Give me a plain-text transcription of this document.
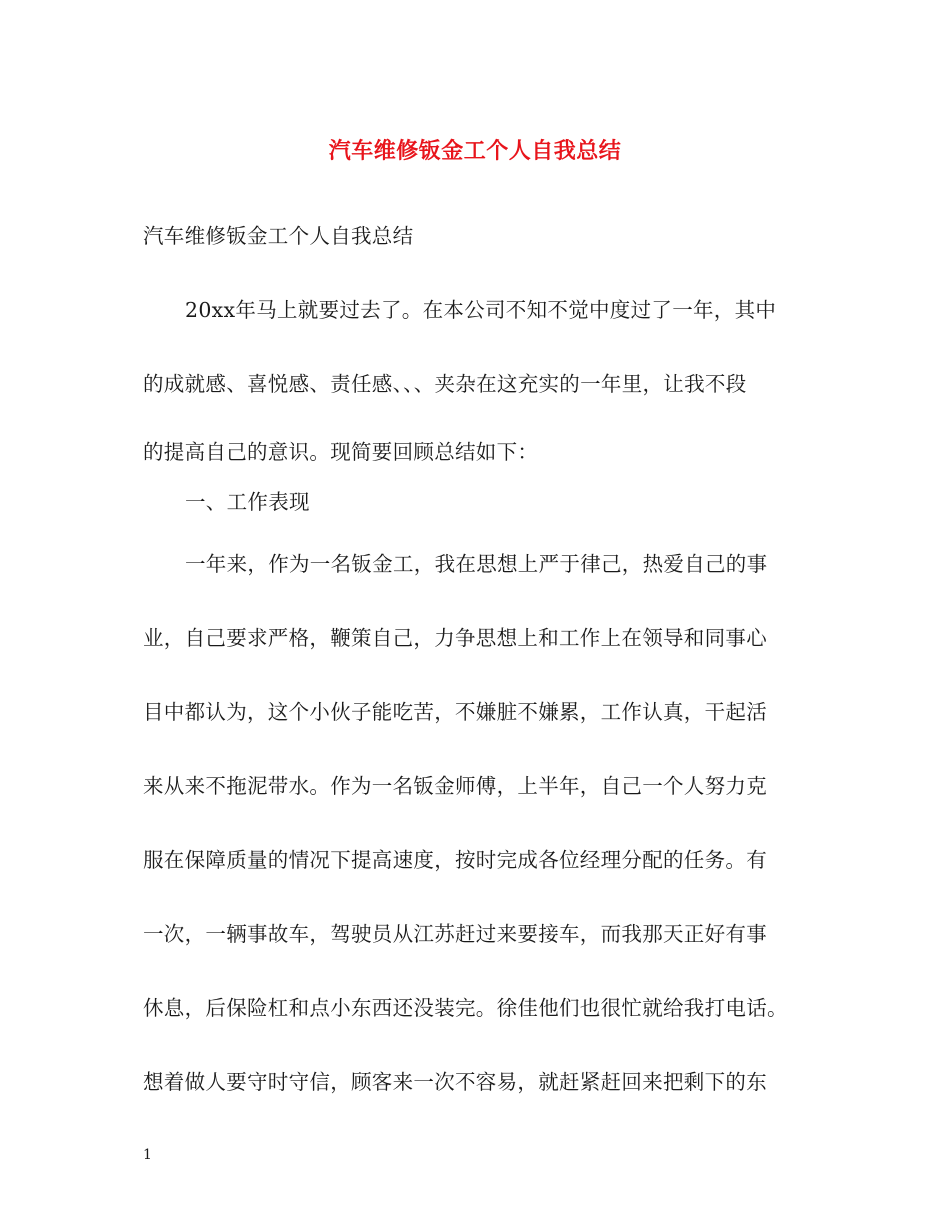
汽车维修钣金工个人自我总结
汽车维修钣金工个人自我总结
20xx年马上就要过去了。在本公司不知不觉中度过了一年，其中
的成就感、喜悦感、责任感、、、夹杂在这充实的一年里，让我不段
的提高自己的意识。现简要回顾总结如下：
一、工作表现
一年来，作为一名钣金工，我在思想上严于律己，热爱自己的事
业，自己要求严格，鞭策自己，力争思想上和工作上在领导和同事心
目中都认为，这个小伙子能吃苦，不嫌脏不嫌累，工作认真，干起活
来从来不拖泥带水。作为一名钣金师傅，上半年，自己一个人努力克
服在保障质量的情况下提高速度，按时完成各位经理分配的任务。有
一次，一辆事故车，驾驶员从江苏赶过来要接车，而我那天正好有事
休息，后保险杠和点小东西还没装完。徐佳他们也很忙就给我打电话。
想着做人要守时守信，顾客来一次不容易，就赶紧赶回来把剩下的东
1
